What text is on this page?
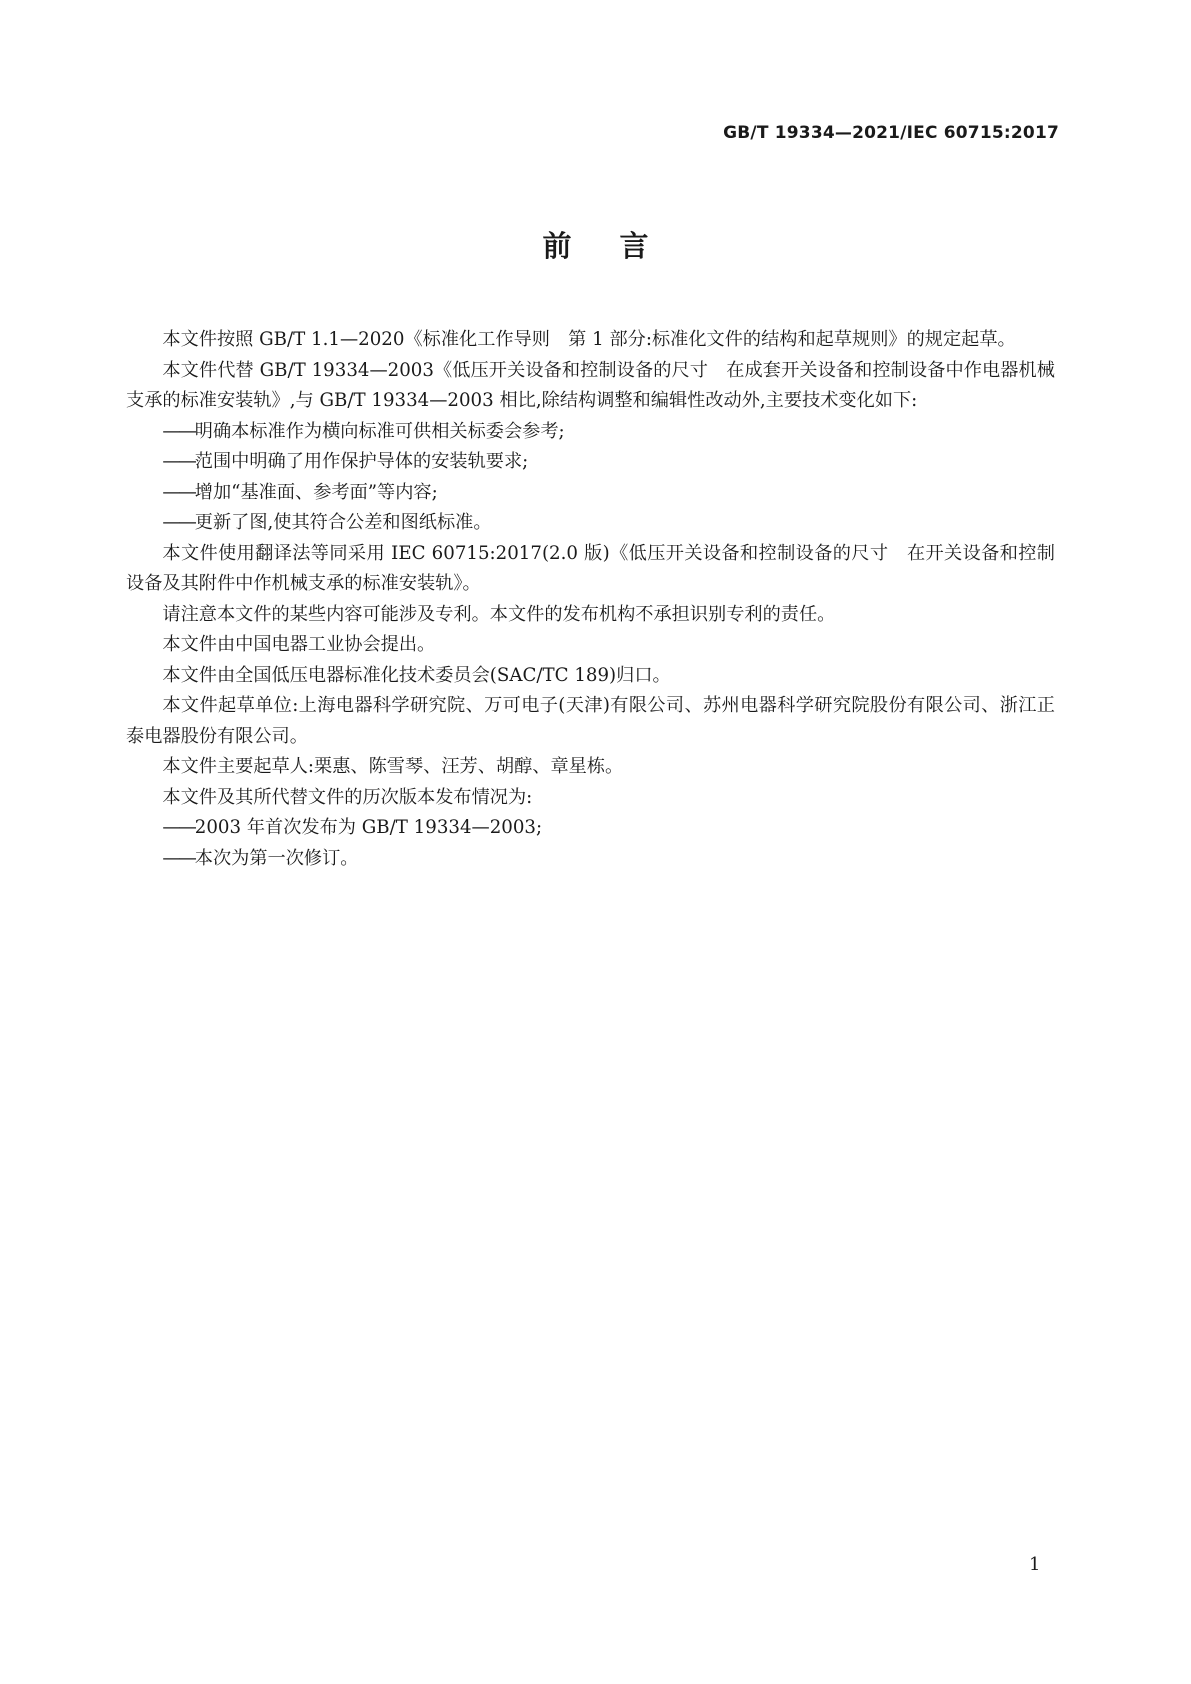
GB/T 19334—2021/IEC 60715:2017
前言

本文件按照 GB/T 1.1—2020《标准化工作导则　第 1 部分:标准化文件的结构和起草规则》的规定起草。

本文件代替 GB/T 19334—2003《低压开关设备和控制设备的尺寸　在成套开关设备和控制设备中作电器机械支承的标准安装轨》,与 GB/T 19334—2003 相比,除结构调整和编辑性改动外,主要技术变化如下:

——明确本标准作为横向标准可供相关标委会参考;

——范围中明确了用作保护导体的安装轨要求;

——增加“基准面、参考面”等内容;

——更新了图,使其符合公差和图纸标准。

本文件使用翻译法等同采用 IEC 60715:2017(2.0 版)《低压开关设备和控制设备的尺寸　在开关设备和控制设备及其附件中作机械支承的标准安装轨》。

请注意本文件的某些内容可能涉及专利。本文件的发布机构不承担识别专利的责任。

本文件由中国电器工业协会提出。

本文件由全国低压电器标准化技术委员会(SAC/TC 189)归口。

本文件起草单位:上海电器科学研究院、万可电子(天津)有限公司、苏州电器科学研究院股份有限公司、浙江正泰电器股份有限公司。

本文件主要起草人:栗惠、陈雪琴、汪芳、胡醇、章星栋。

本文件及其所代替文件的历次版本发布情况为:

——2003 年首次发布为 GB/T 19334—2003;

——本次为第一次修订。

1
